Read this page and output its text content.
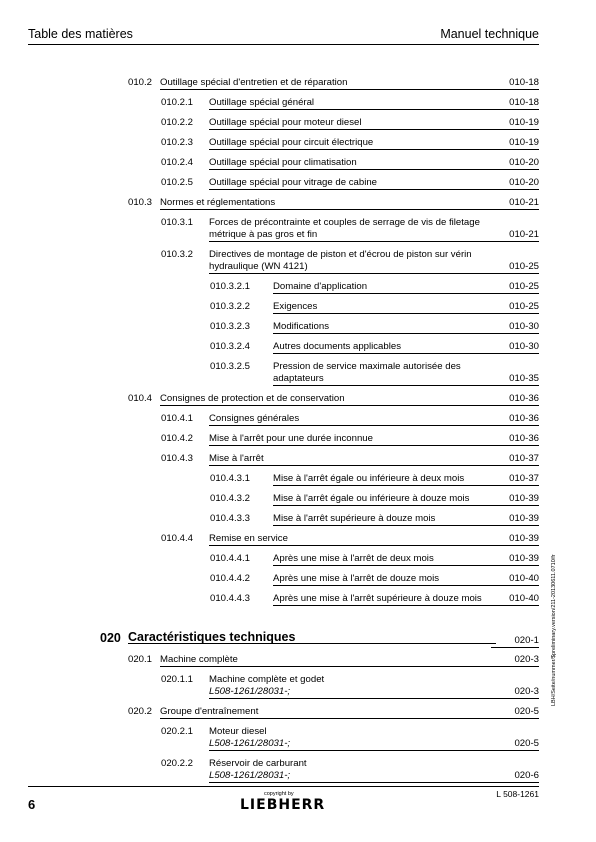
Table des matières	Manuel technique
010.2 Outillage spécial d'entretien et de réparation	010-18
010.2.1 Outillage spécial général	010-18
010.2.2 Outillage spécial pour moteur diesel	010-19
010.2.3 Outillage spécial pour circuit électrique	010-19
010.2.4 Outillage spécial pour climatisation	010-20
010.2.5 Outillage spécial pour vitrage de cabine	010-20
010.3 Normes et réglementations	010-21
010.3.1 Forces de précontrainte et couples de serrage de vis de filetage
métrique à pas gros et fin	010-21
010.3.2 Directives de montage de piston et d'écrou de piston sur vérin
hydraulique (WN 4121)	010-25
010.3.2.1 Domaine d'application	010-25
010.3.2.2 Exigences	010-25
010.3.2.3 Modifications	010-30
010.3.2.4 Autres documents applicables	010-30
010.3.2.5 Pression de service maximale autorisée des
adaptateurs	010-35
010.4 Consignes de protection et de conservation	010-36
010.4.1 Consignes générales	010-36
010.4.2 Mise à l'arrêt pour une durée inconnue	010-36
010.4.3 Mise à l'arrêt	010-37
010.4.3.1 Mise à l'arrêt égale ou inférieure à deux mois	010-37
010.4.3.2 Mise à l'arrêt égale ou inférieure à douze mois	010-39
010.4.3.3 Mise à l'arrêt supérieure à douze mois	010-39
010.4.4 Remise en service	010-39
010.4.4.1 Après une mise à l'arrêt de deux mois	010-39
010.4.4.2 Après une mise à l'arrêt de douze mois	010-40
010.4.4.3 Après une mise à l'arrêt supérieure à douze mois	010-40
020 Caractéristiques techniques	020-1
020.1 Machine complète	020-3
020.1.1 Machine complète et godet
L508-1261/28031-;	020-3
020.2 Groupe d'entraînement	020-5
020.2.1 Moteur diesel
L508-1261/28031-;	020-5
020.2.2 Réservoir de carburant
L508-1261/28031-;	020-6
LBH/Seite/nummer/$preliminary.version/211-20130611.0710/fr
6
copyright by
LIEBHERR
L 508-1261
